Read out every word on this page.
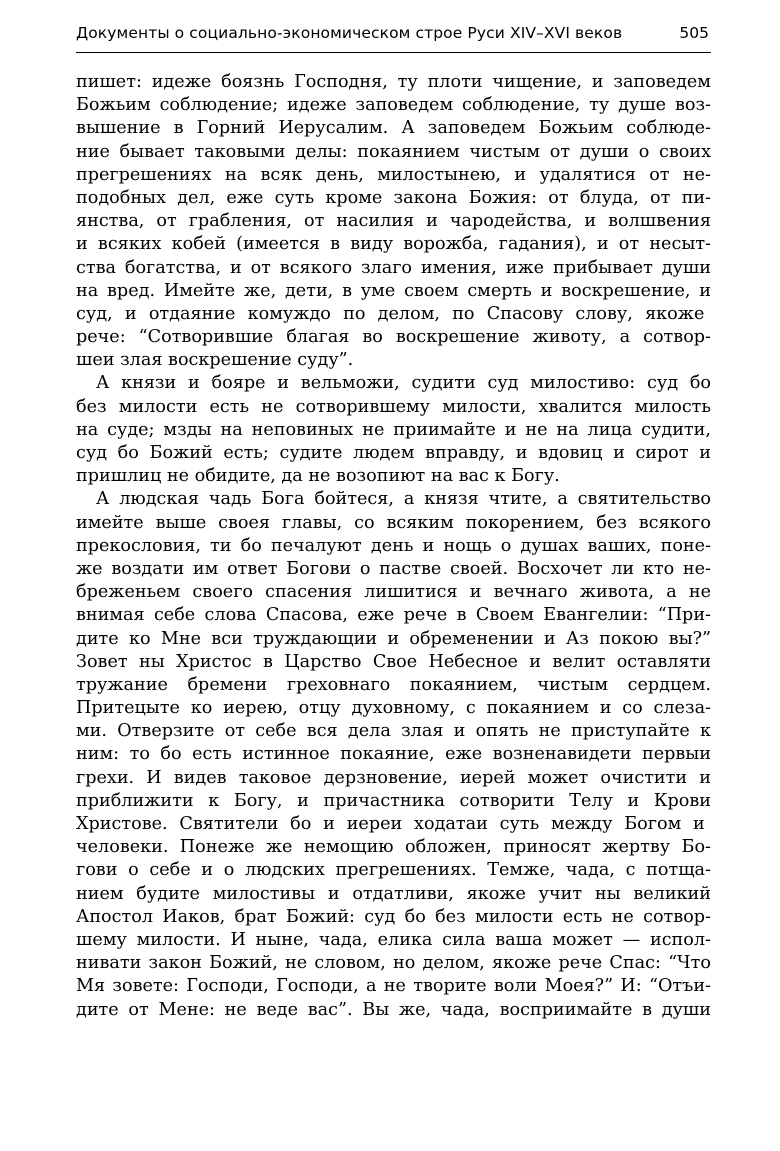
Документы о социально-экономическом строе Руси XIV–XVI веков	505
пишет: идеже боязнь Господня, ту плоти чищение, и заповедем
Божьим соблюдение; идеже заповедем соблюдение, ту душе воз-
вышение в Горний Иерусалим. А заповедем Божьим соблюде-
ние бывает таковыми делы: покаянием чистым от души о своих
прегрешениях на всяк день, милостынею, и удалятися от не-
подобных дел, еже суть кроме закона Божия: от блуда, от пи-
янства, от грабления, от насилия и чародейства, и волшвения
и всяких кобей (имеется в виду ворожба, гадания), и от несыт-
ства богатства, и от всякого злаго имения, иже прибывает души
на вред. Имейте же, дети, в уме своем смерть и воскрешение, и
суд, и отдаяние комуждо по делом, по Спасову слову, якоже
рече: “Сотворившие благая во воскрешение животу, а сотвор-
шеи злая воскрешение суду”.
А князи и бояре и вельможи, судити суд милостиво: суд бо
без милости есть не сотворившему милости, хвалится милость
на суде; мзды на неповиных не приимайте и не на лица судити,
суд бо Божий есть; судите людем вправду, и вдовиц и сирот и
пришлиц не обидите, да не возопиют на вас к Богу.
А людская чадь Бога бойтеся, а князя чтите, а святительство
имейте выше своея главы, со всяким покорением, без всякого
прекословия, ти бо печалуют день и нощь о душах ваших, поне-
же воздати им ответ Богови о пастве своей. Восхочет ли кто не-
бреженьем своего спасения лишитися и вечнаго живота, а не
внимая себе слова Спасова, еже рече в Своем Евангелии: “При-
дите ко Мне вси труждающии и обременении и Аз покою вы?”
Зовет ны Христос в Царство Свое Небесное и велит оставляти
тружание бремени греховнаго покаянием, чистым сердцем.
Притецыте ко иерею, отцу духовному, с покаянием и со слеза-
ми. Отверзите от себе вся дела злая и опять не приступайте к
ним: то бо есть истинное покаяние, еже возненавидети первыи
грехи. И видев таковое дерзновение, иерей может очистити и
приближити к Богу, и причастника сотворити Телу и Крови
Христове. Святители бо и иереи ходатаи суть между Богом и
человеки. Понеже же немощию обложен, приносят жертву Бо-
гови о себе и о людских прегрешениях. Темже, чада, с потща-
нием будите милостивы и отдатливи, якоже учит ны великий
Апостол Иаков, брат Божий: суд бо без милости есть не сотвор-
шему милости. И ныне, чада, елика сила ваша может — испол-
нивати закон Божий, не словом, но делом, якоже рече Спас: “Что
Мя зовете: Господи, Господи, а не творите воли Моея?” И: “Отъи-
дите от Мене: не веде вас”. Вы же, чада, восприимайте в души
